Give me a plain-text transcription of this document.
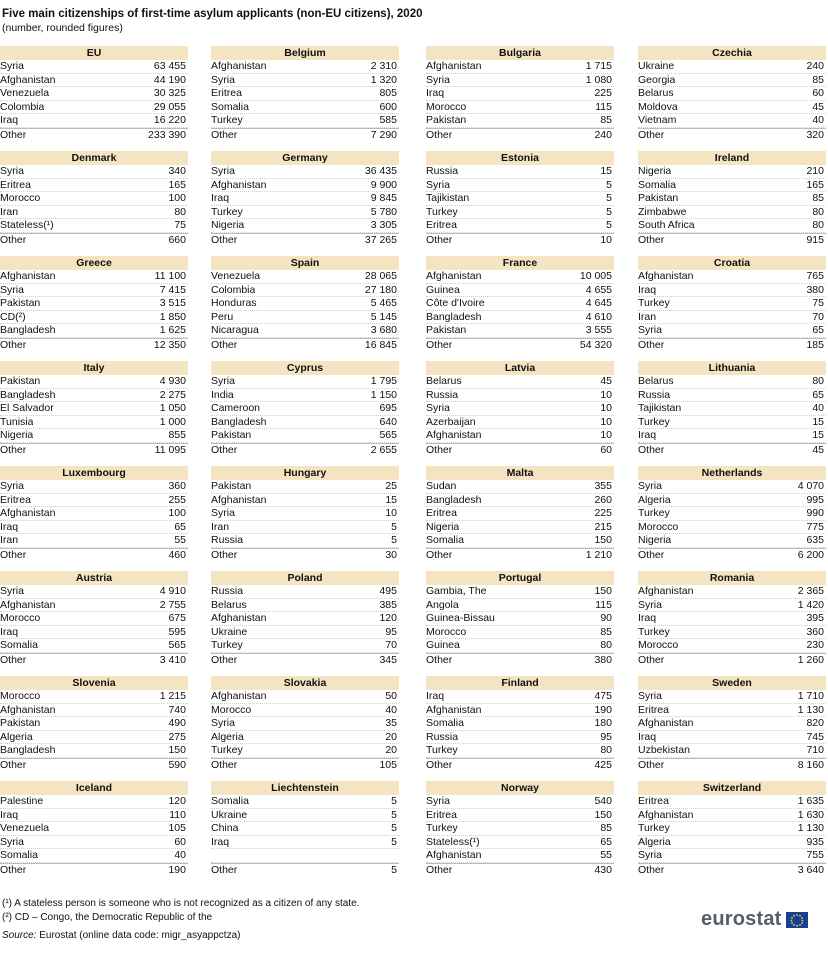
Five main citizenships of first-time asylum applicants (non-EU citizens), 2020
(number, rounded figures)
EU
Syria	63 455
Afghanistan	44 190
Venezuela	30 325
Colombia	29 055
Iraq	16 220
Other	233 390
Belgium
Afghanistan	2 310
Syria	1 320
Eritrea	805
Somalia	600
Turkey	585
Other	7 290
Bulgaria
Afghanistan	1 715
Syria	1 080
Iraq	225
Morocco	115
Pakistan	85
Other	240
Czechia
Ukraine	240
Georgia	85
Belarus	60
Moldova	45
Vietnam	40
Other	320
Denmark
Syria	340
Eritrea	165
Morocco	100
Iran	80
Stateless(¹)	75
Other	660
Germany
Syria	36 435
Afghanistan	9 900
Iraq	9 845
Turkey	5 780
Nigeria	3 305
Other	37 265
Estonia
Russia	15
Syria	5
Tajikistan	5
Turkey	5
Eritrea	5
Other	10
Ireland
Nigeria	210
Somalia	165
Pakistan	85
Zimbabwe	80
South Africa	80
Other	915
Greece
Afghanistan	11 100
Syria	7 415
Pakistan	3 515
CD(²)	1 850
Bangladesh	1 625
Other	12 350
Spain
Venezuela	28 065
Colombia	27 180
Honduras	5 465
Peru	5 145
Nicaragua	3 680
Other	16 845
France
Afghanistan	10 005
Guinea	4 655
Côte d'Ivoire	4 645
Bangladesh	4 610
Pakistan	3 555
Other	54 320
Croatia
Afghanistan	765
Iraq	380
Turkey	75
Iran	70
Syria	65
Other	185
Italy
Pakistan	4 930
Bangladesh	2 275
El Salvador	1 050
Tunisia	1 000
Nigeria	855
Other	11 095
Cyprus
Syria	1 795
India	1 150
Cameroon	695
Bangladesh	640
Pakistan	565
Other	2 655
Latvia
Belarus	45
Russia	10
Syria	10
Azerbaijan	10
Afghanistan	10
Other	60
Lithuania
Belarus	80
Russia	65
Tajikistan	40
Turkey	15
Iraq	15
Other	45
Luxembourg
Syria	360
Eritrea	255
Afghanistan	100
Iraq	65
Iran	55
Other	460
Hungary
Pakistan	25
Afghanistan	15
Syria	10
Iran	5
Russia	5
Other	30
Malta
Sudan	355
Bangladesh	260
Eritrea	225
Nigeria	215
Somalia	150
Other	1 210
Netherlands
Syria	4 070
Algeria	995
Turkey	990
Morocco	775
Nigeria	635
Other	6 200
Austria
Syria	4 910
Afghanistan	2 755
Morocco	675
Iraq	595
Somalia	565
Other	3 410
Poland
Russia	495
Belarus	385
Afghanistan	120
Ukraine	95
Turkey	70
Other	345
Portugal
Gambia, The	150
Angola	115
Guinea-Bissau	90
Morocco	85
Guinea	80
Other	380
Romania
Afghanistan	2 365
Syria	1 420
Iraq	395
Turkey	360
Morocco	230
Other	1 260
Slovenia
Morocco	1 215
Afghanistan	740
Pakistan	490
Algeria	275
Bangladesh	150
Other	590
Slovakia
Afghanistan	50
Morocco	40
Syria	35
Algeria	20
Turkey	20
Other	105
Finland
Iraq	475
Afghanistan	190
Somalia	180
Russia	95
Turkey	80
Other	425
Sweden
Syria	1 710
Eritrea	1 130
Afghanistan	820
Iraq	745
Uzbekistan	710
Other	8 160
Iceland
Palestine	120
Iraq	110
Venezuela	105
Syria	60
Somalia	40
Other	190
Liechtenstein
Somalia	5
Ukraine	5
China	5
Iraq	5
Other	5
Norway
Syria	540
Eritrea	150
Turkey	85
Stateless(¹)	65
Afghanistan	55
Other	430
Switzerland
Eritrea	1 635
Afghanistan	1 630
Turkey	1 130
Algeria	935
Syria	755
Other	3 640
(¹) A stateless person is someone who is not recognized as a citizen of any state.
(²) CD – Congo, the Democratic Republic of the
Source: Eurostat (online data code: migr_asyappctza)
eurostat
